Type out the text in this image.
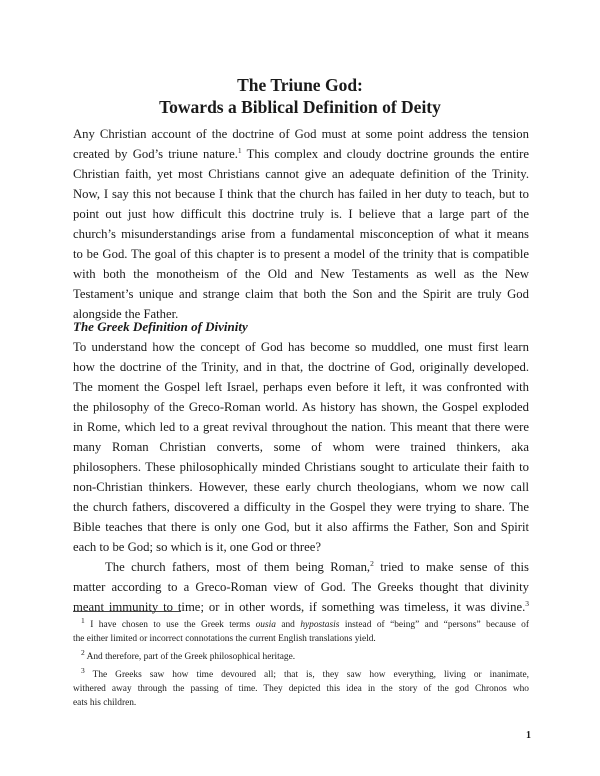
The Triune God:
Towards a Biblical Definition of Deity
Any Christian account of the doctrine of God must at some point address the tension
created by God’s triune nature.$^1$ This complex and cloudy doctrine grounds the entire
Christian faith, yet most Christians cannot give an adequate definition of the Trinity.
Now, I say this not because I think that the church has failed in her duty to teach, but to
point out just how difficult this doctrine truly is. I believe that a large part of the
church’s misunderstandings arise from a fundamental misconception of what it means
to be God. The goal of this chapter is to present a model of the trinity that is compatible
with both the monotheism of the Old and New Testaments as well as the New
Testament’s unique and strange claim that both the Son and the Spirit are truly God
alongside the Father.
The Greek Definition of Divinity
To understand how the concept of God has become so muddled, one must first learn
how the doctrine of the Trinity, and in that, the doctrine of God, originally developed.
The moment the Gospel left Israel, perhaps even before it left, it was confronted with
the philosophy of the Greco-Roman world. As history has shown, the Gospel exploded
in Rome, which led to a great revival throughout the nation. This meant that there were
many Roman Christian converts, some of whom were trained thinkers, aka
philosophers. These philosophically minded Christians sought to articulate their faith to
non-Christian thinkers. However, these early church theologians, whom we now call
the church fathers, discovered a difficulty in the Gospel they were trying to share. The
Bible teaches that there is only one God, but it also affirms the Father, Son and Spirit
each to be God; so which is it, one God or three?
The church fathers, most of them being Roman,$^2$ tried to make sense of this
matter according to a Greco-Roman view of God. The Greeks thought that divinity
meant immunity to time; or in other words, if something was timeless, it was divine.$^3$
$^1$ I have chosen to use the Greek terms ousia and hypostasis instead of “being” and “persons” because of
the either limited or incorrect connotations the current English translations yield.
$^2$ And therefore, part of the Greek philosophical heritage.
$^3$ The Greeks saw how time devoured all; that is, they saw how everything, living or inanimate,
withered away through the passing of time. They depicted this idea in the story of the god Chronos who
eats his children.
1
